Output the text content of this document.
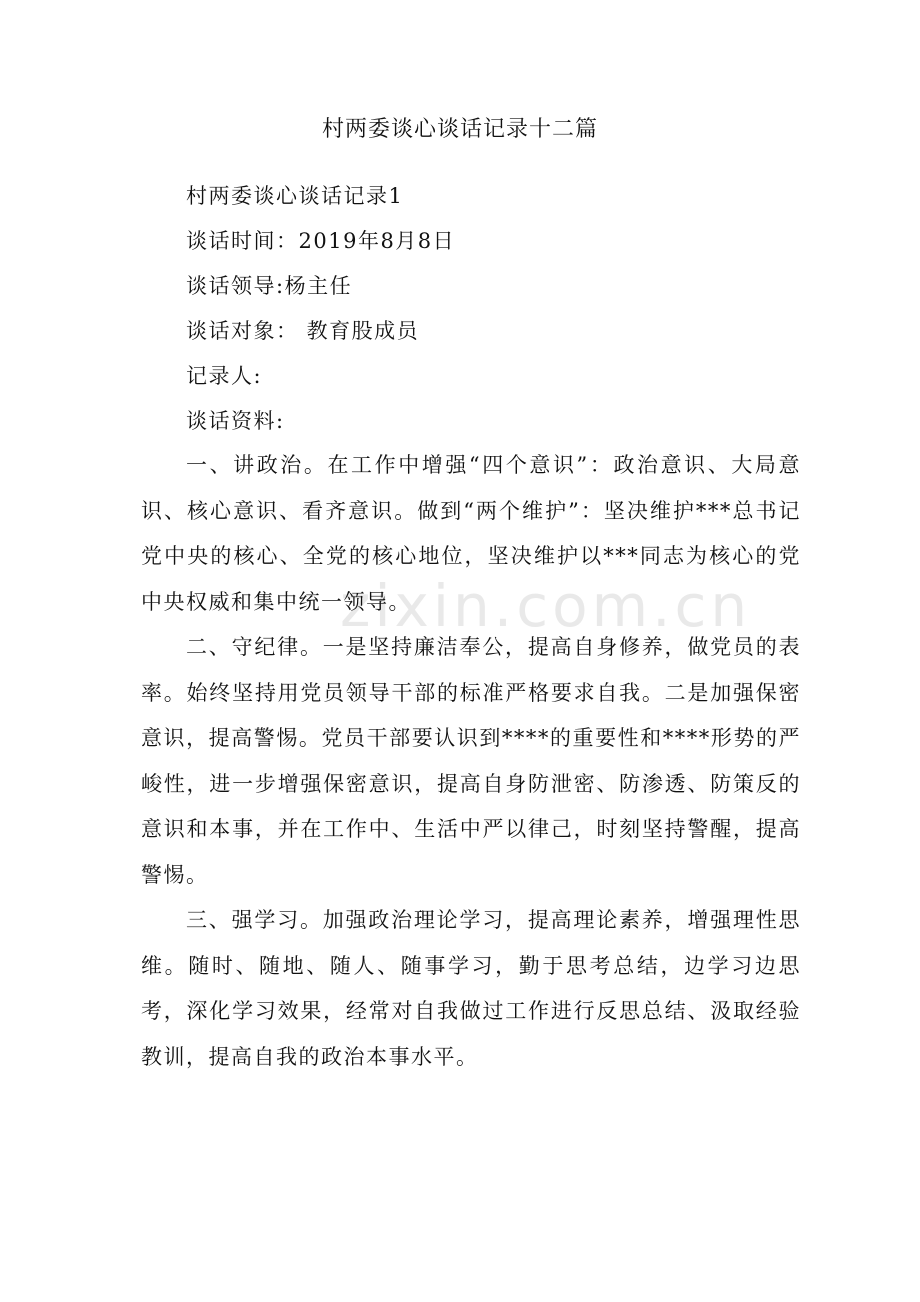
zixin.com.cn
村两委谈心谈话记录十二篇
村两委谈心谈话记录1
谈话时间：2019年8月8日
谈话领导:杨主任
谈话对象： 教育股成员
记录人:
谈话资料:

一、讲政治。在工作中增强“四个意识”：政治意识、大局意识、核心意识、看齐意识。做到“两个维护”：坚决维护***总书记党中央的核心、全党的核心地位，坚决维护以***同志为核心的党中央权威和集中统一领导。

二、守纪律。一是坚持廉洁奉公，提高自身修养，做党员的表率。始终坚持用党员领导干部的标准严格要求自我。二是加强保密意识，提高警惕。党员干部要认识到****的重要性和****形势的严峻性，进一步增强保密意识，提高自身防泄密、防渗透、防策反的意识和本事，并在工作中、生活中严以律己，时刻坚持警醒，提高警惕。

三、强学习。加强政治理论学习，提高理论素养，增强理性思维。随时、随地、随人、随事学习，勤于思考总结，边学习边思考，深化学习效果，经常对自我做过工作进行反思总结、汲取经验教训，提高自我的政治本事水平。
